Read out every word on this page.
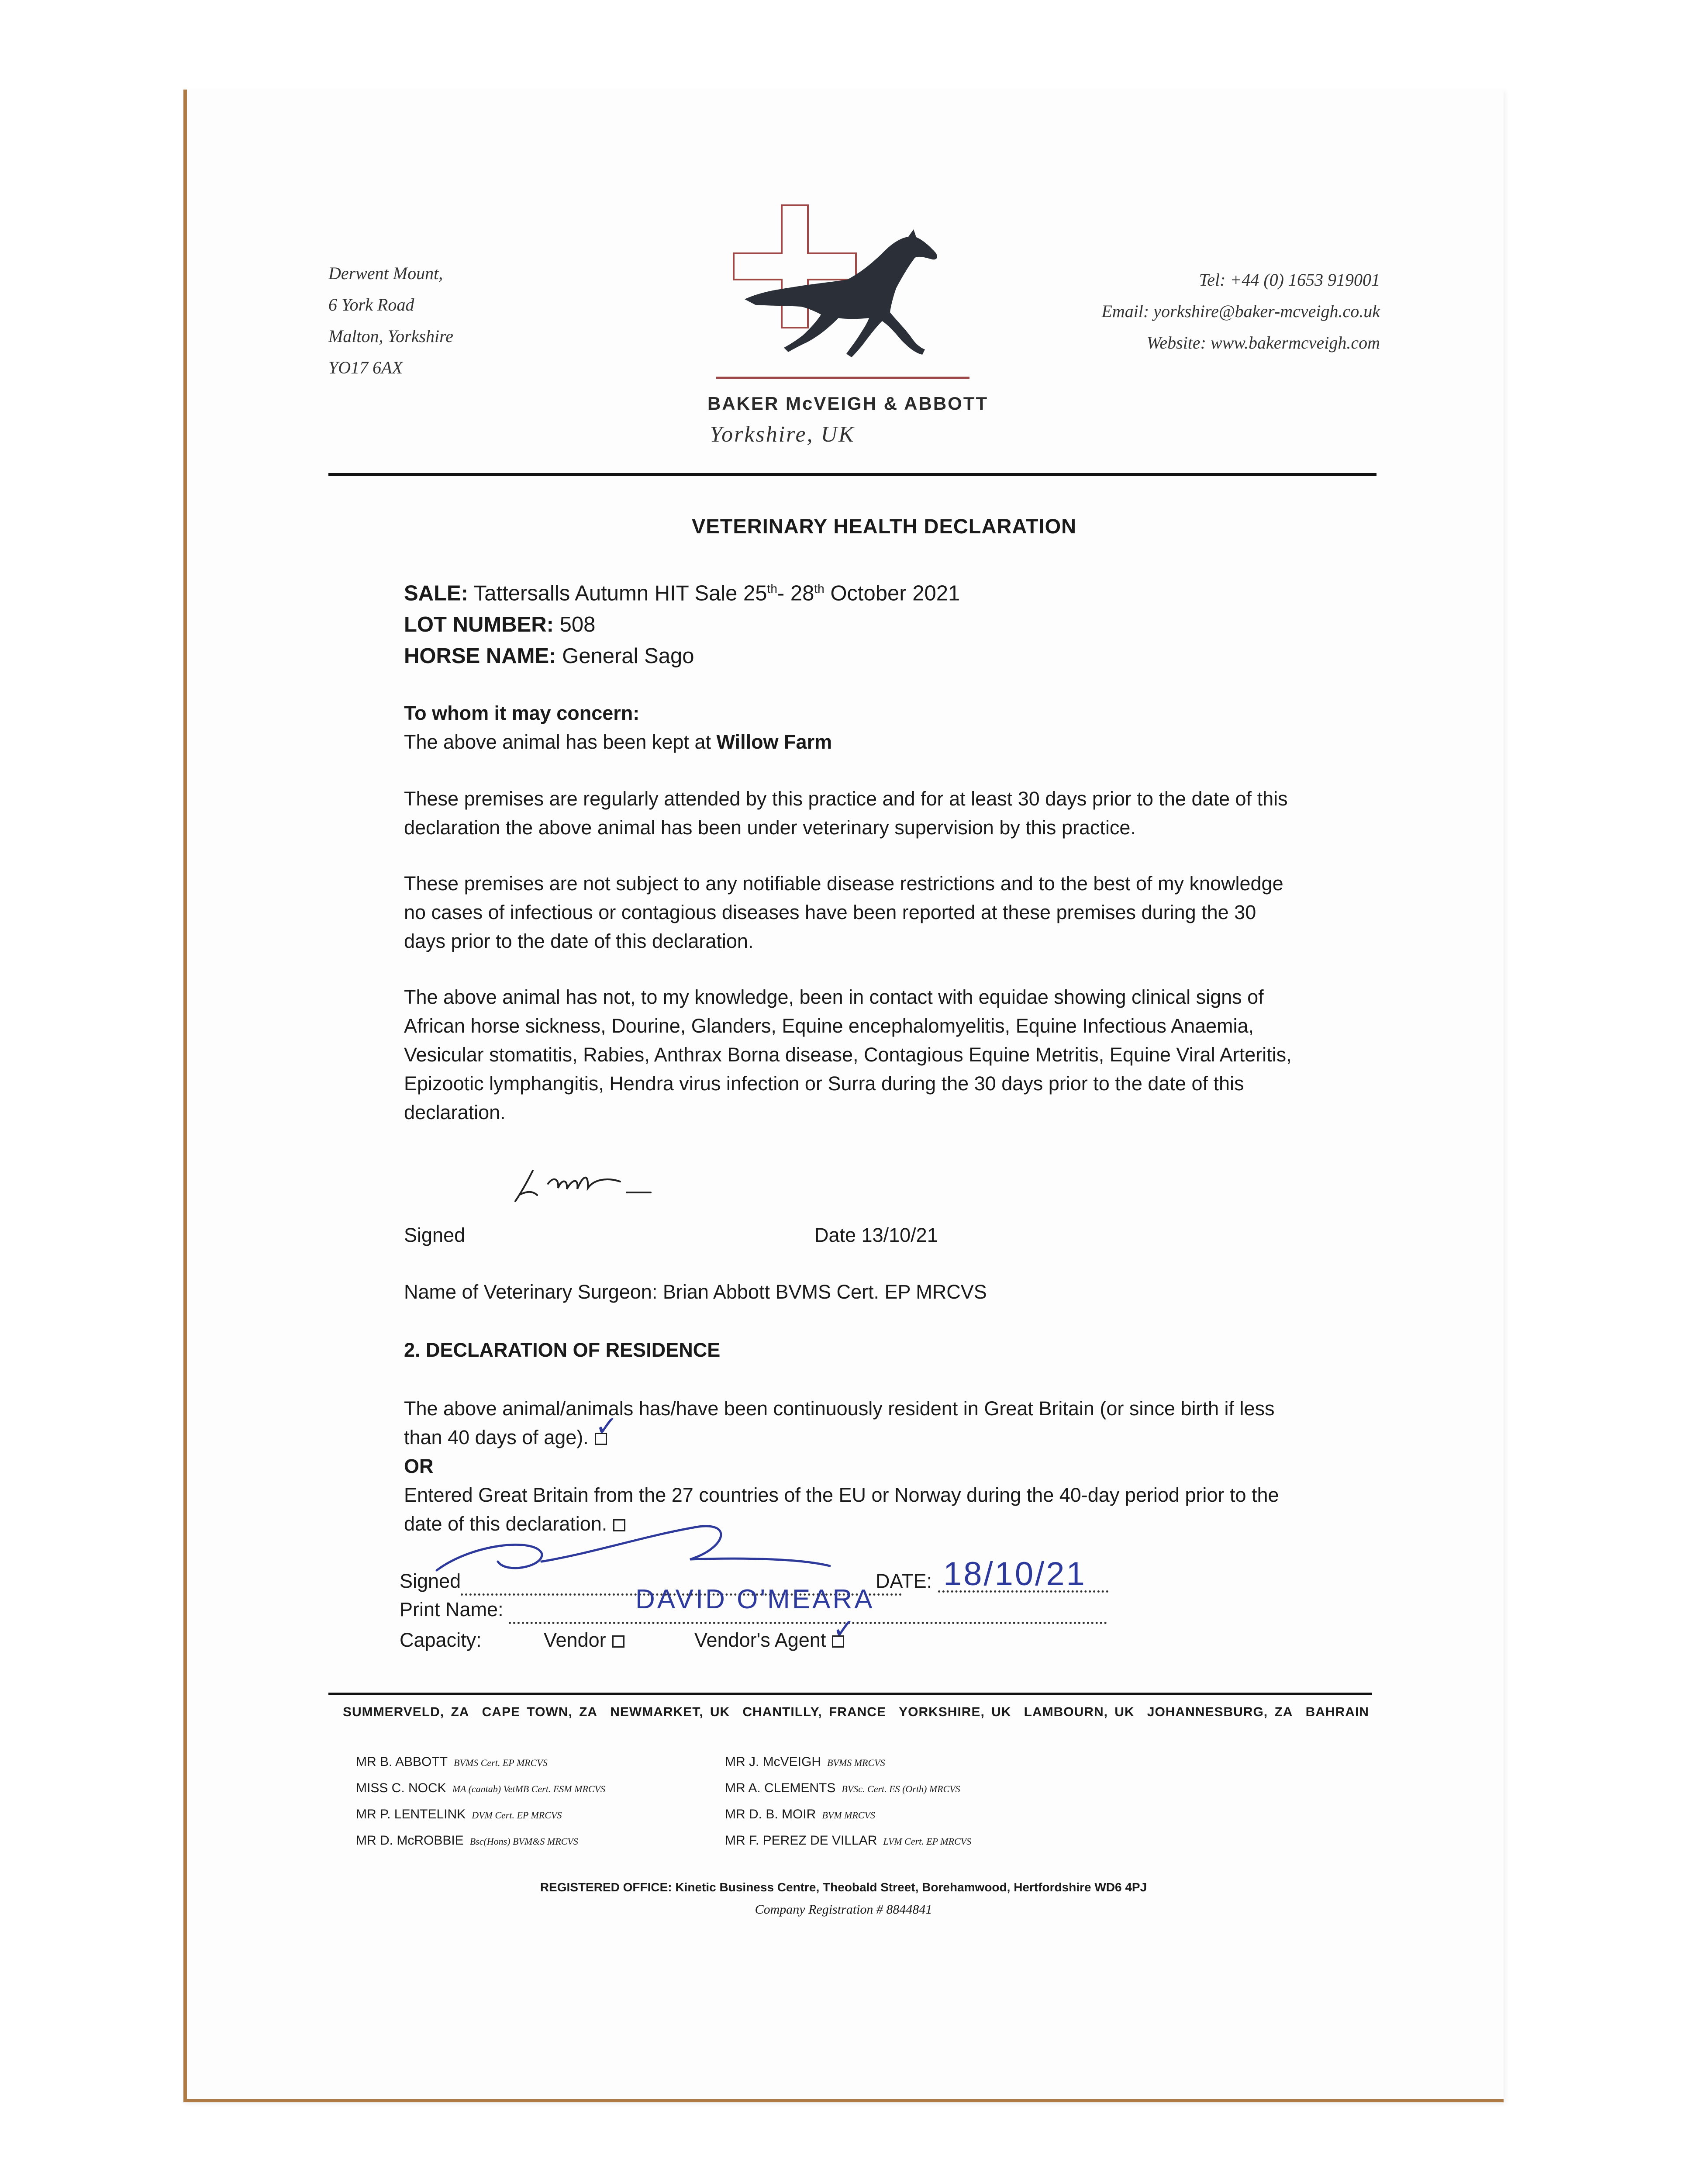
Derwent Mount,
6 York Road
Malton, Yorkshire
YO17 6AX
BAKER McVEIGH & ABBOTT
Yorkshire, UK
Tel: +44 (0) 1653 919001
Email: yorkshire@baker-mcveigh.co.uk
Website: www.bakermcveigh.com
VETERINARY HEALTH DECLARATION
SALE: Tattersalls Autumn HIT Sale 25th- 28th October 2021
LOT NUMBER: 508
HORSE NAME: General Sago
To whom it may concern:
The above animal has been kept at Willow Farm
These premises are regularly attended by this practice and for at least 30 days prior to the date of this declaration the above animal has been under veterinary supervision by this practice.
These premises are not subject to any notifiable disease restrictions and to the best of my knowledge no cases of infectious or contagious diseases have been reported at these premises during the 30 days prior to the date of this declaration.
The above animal has not, to my knowledge, been in contact with equidae showing clinical signs of African horse sickness, Dourine, Glanders, Equine encephalomyelitis, Equine Infectious Anaemia, Vesicular stomatitis, Rabies, Anthrax Borna disease, Contagious Equine Metritis, Equine Viral Arteritis, Epizootic lymphangitis, Hendra virus infection or Surra during the 30 days prior to the date of this declaration.
Signed	Date 13/10/21
Name of Veterinary Surgeon: Brian Abbott BVMS Cert. EP MRCVS
2. DECLARATION OF RESIDENCE
The above animal/animals has/have been continuously resident in Great Britain (or since birth if less than 40 days of age). ✓
OR
Entered Great Britain from the 27 countries of the EU or Norway during the 40-day period prior to the date of this declaration.
Signed	DATE: 18/10/21
Print Name:	DAVID O'MEARA
Capacity:	Vendor	Vendor's Agent ✓
SUMMERVELD, ZA CAPE TOWN, ZA NEWMARKET, UK CHANTILLY, FRANCE YORKSHIRE, UK LAMBOURN, UK JOHANNESBURG, ZA BAHRAIN
MR B. ABBOTT BVMS Cert. EP MRCVS
MISS C. NOCK MA (cantab) VetMB Cert. ESM MRCVS
MR P. LENTELINK DVM Cert. EP MRCVS
MR D. McROBBIE Bsc(Hons) BVM&S MRCVS
MR J. McVEIGH BVMS MRCVS
MR A. CLEMENTS BVSc. Cert. ES (Orth) MRCVS
MR D. B. MOIR BVM MRCVS
MR F. PEREZ DE VILLAR LVM Cert. EP MRCVS
REGISTERED OFFICE: Kinetic Business Centre, Theobald Street, Borehamwood, Hertfordshire WD6 4PJ
Company Registration # 8844841
